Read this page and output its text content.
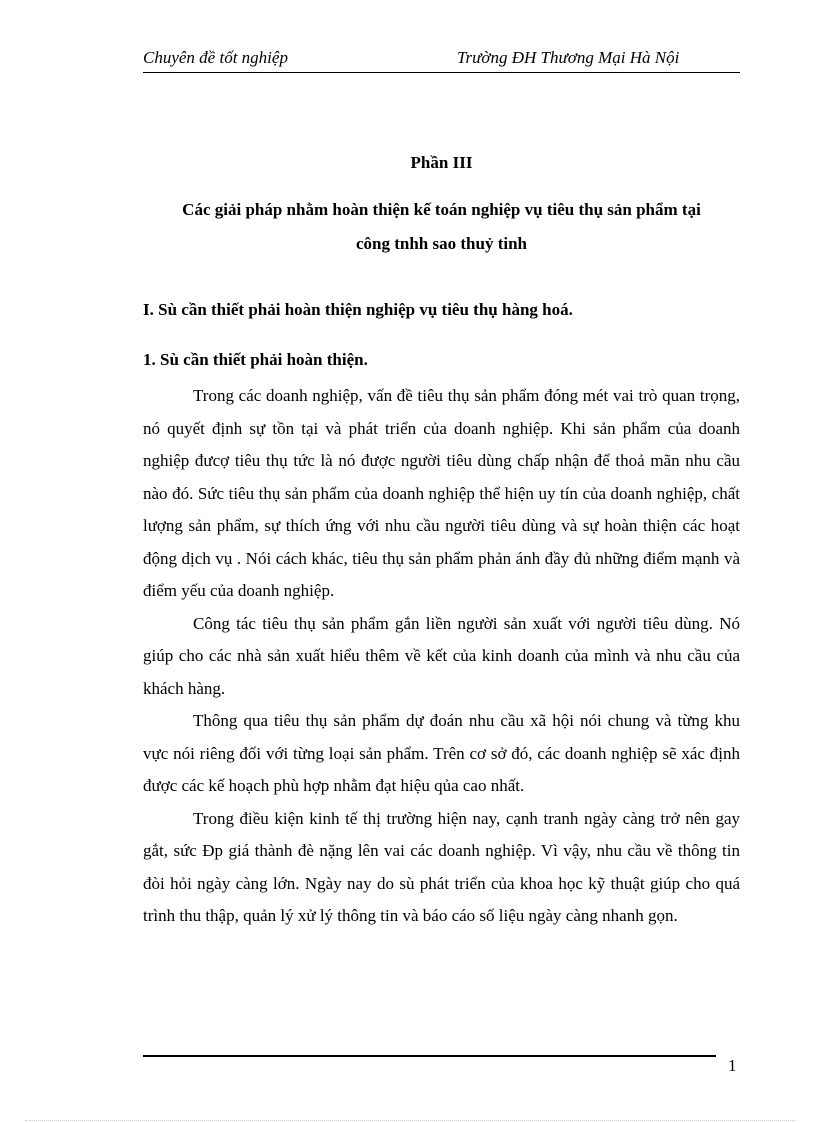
Chuyên đề tốt nghiệp	Trường ĐH Thương Mại Hà Nội
Phần III
Các giải pháp nhằm hoàn thiện kế toán nghiệp vụ tiêu thụ sản phẩm tại
công tnhh sao thuỷ tinh
I. Sù cần thiết phải hoàn thiện nghiệp vụ tiêu thụ hàng hoá.
1. Sù cần thiết phải hoàn thiện.

Trong các doanh nghiệp, vấn đề tiêu thụ sản phẩm đóng mét vai trò quan trọng, nó quyết định sự tồn tại và phát triển của doanh nghiệp. Khi sản phẩm của doanh nghiệp đưcợ tiêu thụ tức là nó được người tiêu dùng chấp nhận để thoả mãn nhu cầu nào đó. Sức tiêu thụ sản phẩm của doanh nghiệp thể hiện uy tín của doanh nghiệp, chất lượng sản phẩm, sự thích ứng với nhu cầu người tiêu dùng và sự hoàn thiện các hoạt động dịch vụ . Nói cách khác, tiêu thụ sản phẩm phản ánh đầy đủ những điểm mạnh và điểm yếu của doanh nghiệp.

Công tác tiêu thụ sản phẩm gắn liền người sản xuất với người tiêu dùng. Nó giúp cho các nhà sản xuất hiểu thêm về kết của kinh doanh của mình và nhu cầu của khách hàng.

Thông qua tiêu thụ sản phẩm dự đoán nhu cầu xã hội nói chung và từng khu vực nói riêng đối với từng loại sản phẩm. Trên cơ sở đó, các doanh nghiệp sẽ xác định được các kế hoạch phù hợp nhằm đạt hiệu qủa cao nhất.

Trong điều kiện kinh tế thị trường hiện nay, cạnh tranh ngày càng trở nên gay gắt, sức Ðp giá thành đè nặng lên vai các doanh nghiệp. Vì vậy, nhu cầu về thông tin đòi hỏi ngày càng lớn. Ngày nay do sù phát triển của khoa học kỹ thuật giúp cho quá trình thu thập, quản lý xử lý thông tin và báo cáo số liệu ngày càng nhanh gọn.

1
